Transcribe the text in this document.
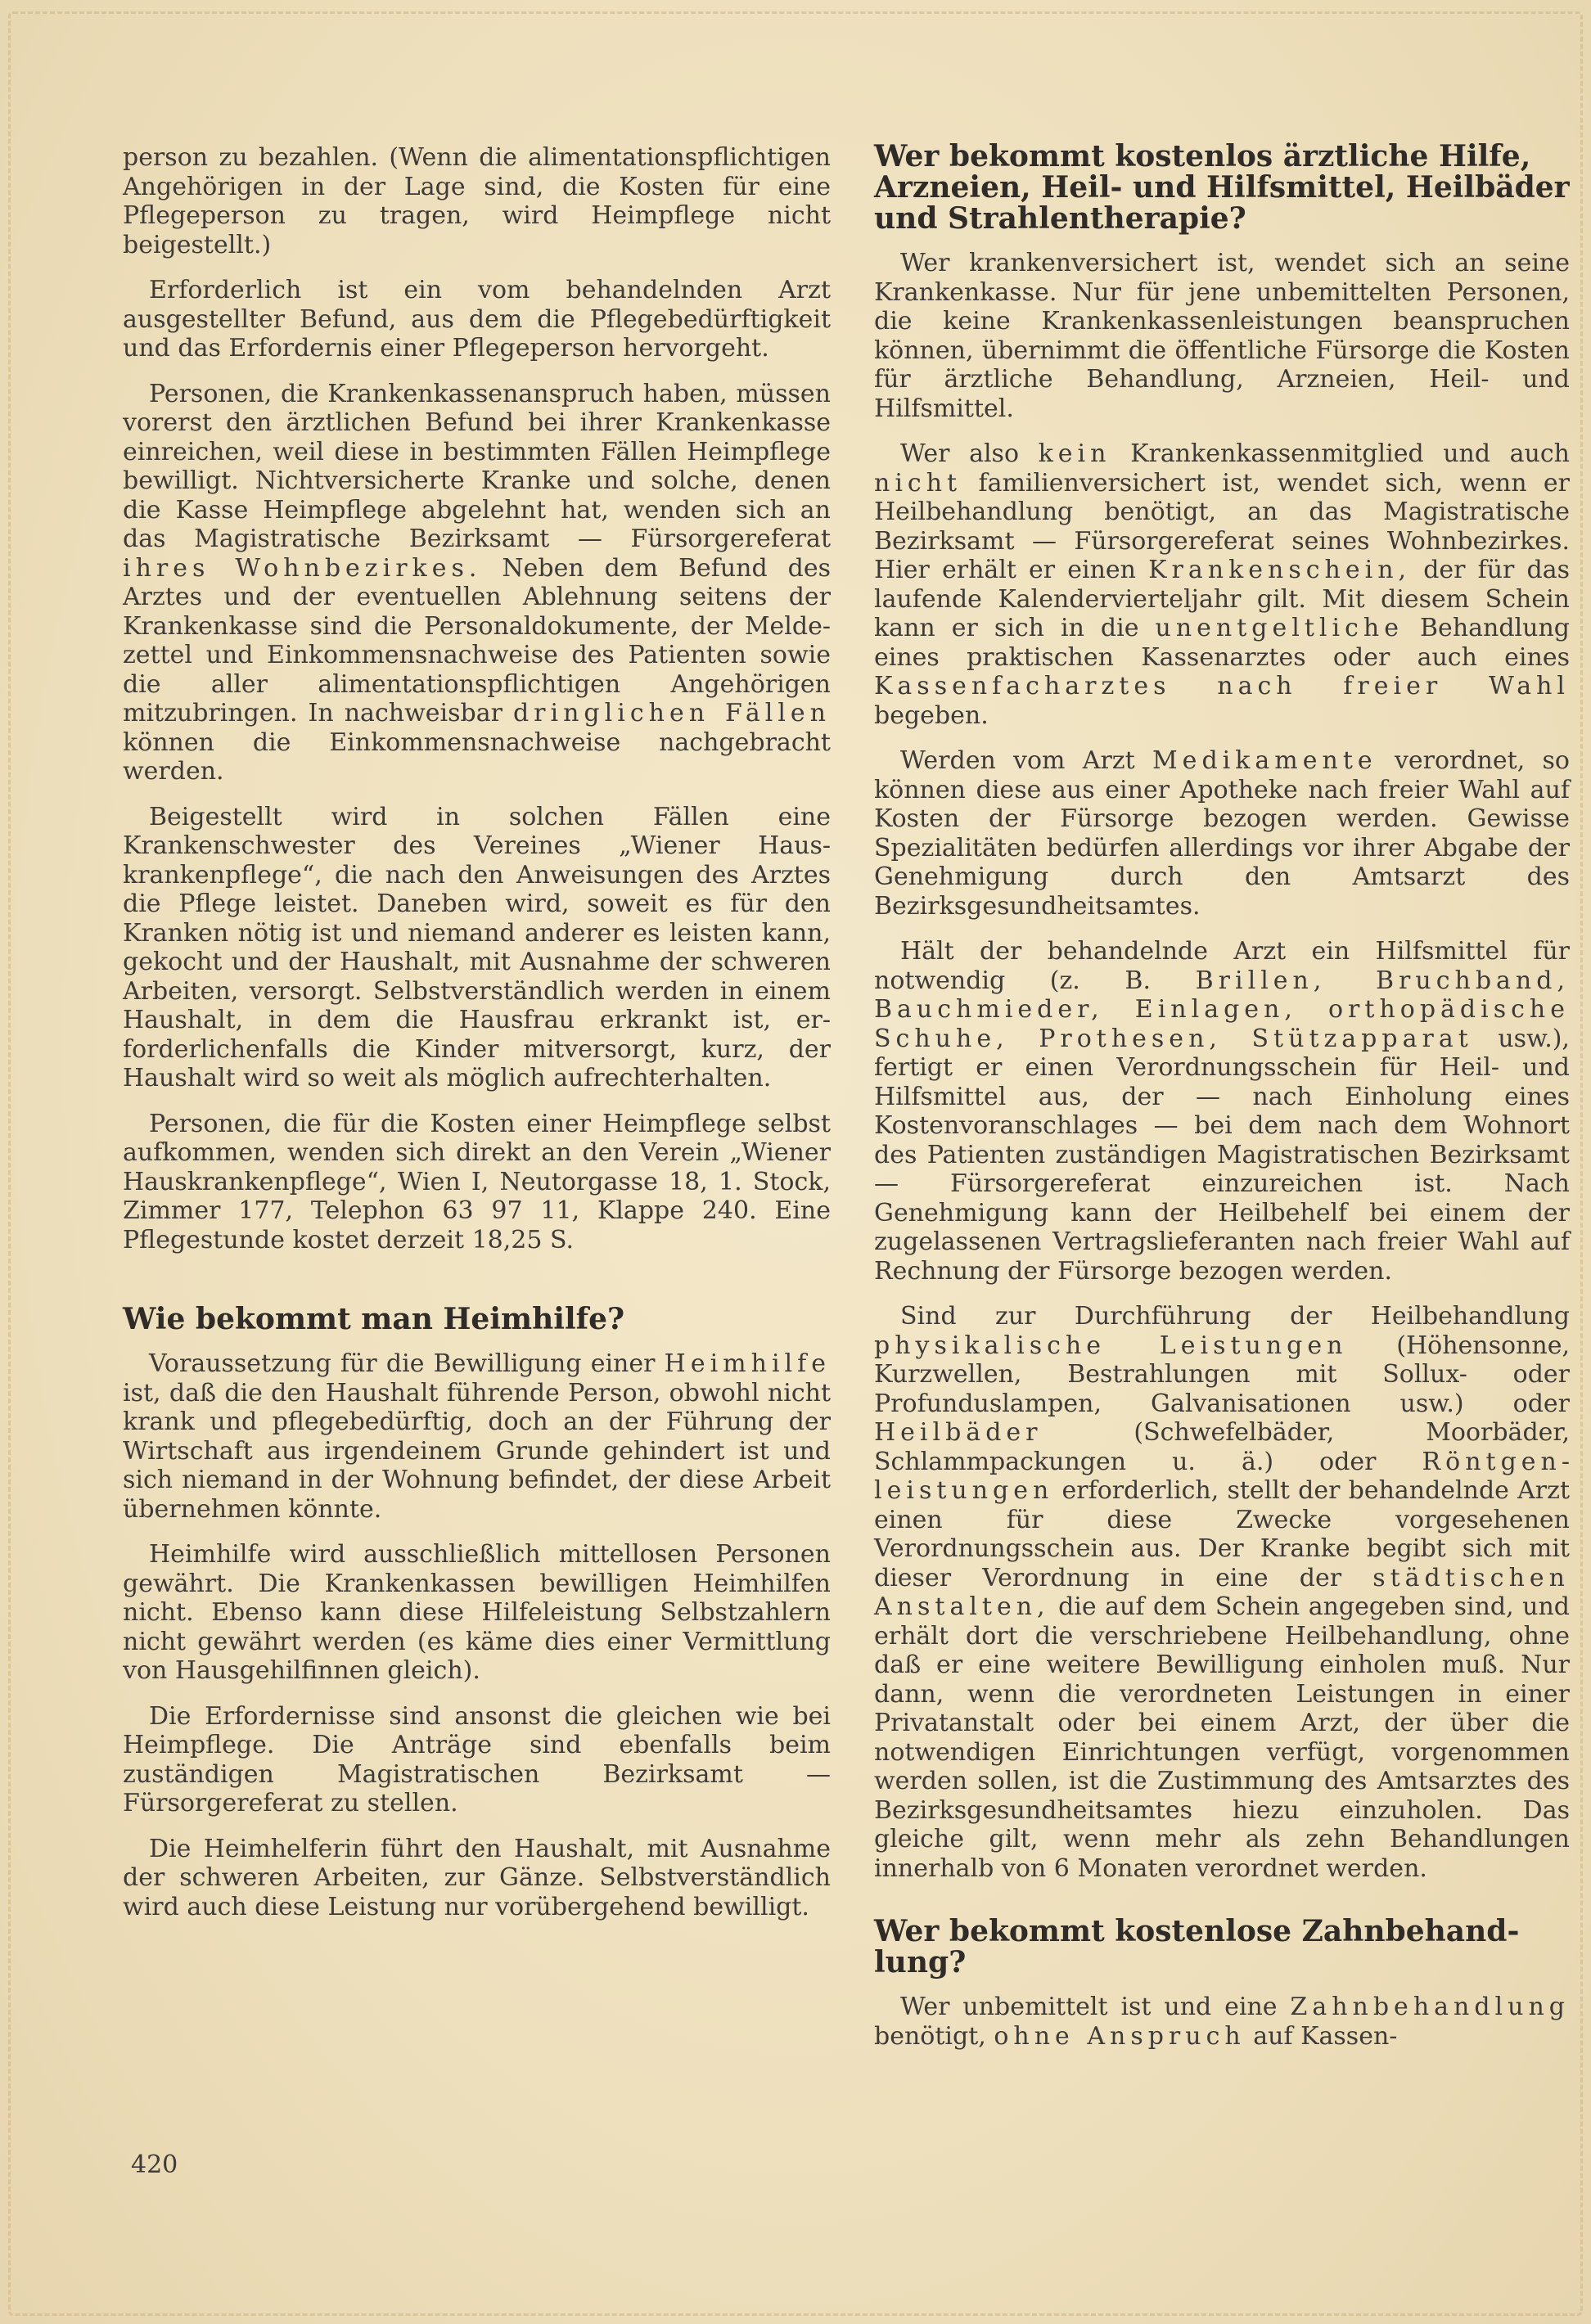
person zu bezahlen. (Wenn die alimentationspflichtigen Angehörigen in der Lage sind, die Kosten für eine Pflegeperson zu tragen, wird Heimpflege nicht beigestellt.)

Erforderlich ist ein vom behandelnden Arzt ausgestellter Befund, aus dem die Pflegebedürftigkeit und das Erfordernis einer Pflegeperson hervorgeht.

Personen, die Krankenkassenanspruch haben, müssen vorerst den ärztlichen Befund bei ihrer Krankenkasse einreichen, weil diese in bestimmten Fällen Heimpflege bewilligt. Nichtversicherte Kranke und solche, denen die Kasse Heimpflege abgelehnt hat, wenden sich an das Magistratische Bezirksamt — Fürsorgereferat ihres Wohnbezirkes. Neben dem Befund des Arztes und der eventuellen Ablehnung seitens der Krankenkasse sind die Personaldokumente, der Meldezettel und Einkommensnachweise des Patienten sowie die aller alimentationspflichtigen Angehörigen mitzubringen. In nachweisbar dringlichen Fällen können die Einkommensnachweise nachgebracht werden.

Beigestellt wird in solchen Fällen eine Krankenschwester des Vereines „Wiener Hauskrankenpflege“, die nach den Anweisungen des Arztes die Pflege leistet. Daneben wird, soweit es für den Kranken nötig ist und niemand anderer es leisten kann, gekocht und der Haushalt, mit Ausnahme der schweren Arbeiten, versorgt. Selbstverständlich werden in einem Haushalt, in dem die Hausfrau erkrankt ist, erforderlichenfalls die Kinder mitversorgt, kurz, der Haushalt wird so weit als möglich aufrechterhalten.

Personen, die für die Kosten einer Heimpflege selbst aufkommen, wenden sich direkt an den Verein „Wiener Hauskrankenpflege“, Wien I, Neutorgasse 18, 1. Stock, Zimmer 177, Telephon 63 97 11, Klappe 240. Eine Pflegestunde kostet derzeit 18,25 S.

Wie bekommt man Heimhilfe?

Voraussetzung für die Bewilligung einer Heimhilfe ist, daß die den Haushalt führende Person, obwohl nicht krank und pflegebedürftig, doch an der Führung der Wirtschaft aus irgendeinem Grunde gehindert ist und sich niemand in der Wohnung befindet, der diese Arbeit übernehmen könnte.

Heimhilfe wird ausschließlich mittellosen Personen gewährt. Die Krankenkassen bewilligen Heimhilfen nicht. Ebenso kann diese Hilfeleistung Selbstzahlern nicht gewährt werden (es käme dies einer Vermittlung von Hausgehilfinnen gleich).

Die Erfordernisse sind ansonst die gleichen wie bei Heimpflege. Die Anträge sind ebenfalls beim zuständigen Magistratischen Bezirksamt — Fürsorgereferat zu stellen.

Die Heimhelferin führt den Haushalt, mit Ausnahme der schweren Arbeiten, zur Gänze. Selbstverständlich wird auch diese Leistung nur vorübergehend bewilligt.

Wer bekommt kostenlos ärztliche Hilfe, Arzneien, Heil- und Hilfsmittel, Heilbäder und Strahlentherapie?

Wer krankenversichert ist, wendet sich an seine Krankenkasse. Nur für jene unbemittelten Personen, die keine Krankenkassenleistungen beanspruchen können, übernimmt die öffentliche Fürsorge die Kosten für ärztliche Behandlung, Arzneien, Heil- und Hilfsmittel.

Wer also kein Krankenkassenmitglied und auch nicht familienversichert ist, wendet sich, wenn er Heilbehandlung benötigt, an das Magistratische Bezirksamt — Fürsorgereferat seines Wohnbezirkes. Hier erhält er einen Krankenschein, der für das laufende Kalendervierteljahr gilt. Mit diesem Schein kann er sich in die unentgeltliche Behandlung eines praktischen Kassenarztes oder auch eines Kassenfacharztes nach freier Wahl begeben.

Werden vom Arzt Medikamente verordnet, so können diese aus einer Apotheke nach freier Wahl auf Kosten der Fürsorge bezogen werden. Gewisse Spezialitäten bedürfen allerdings vor ihrer Abgabe der Genehmigung durch den Amtsarzt des Bezirksgesundheitsamtes.

Hält der behandelnde Arzt ein Hilfsmittel für notwendig (z. B. Brillen, Bruchband, Bauchmieder, Einlagen, orthopädische Schuhe, Prothesen, Stützapparat usw.), fertigt er einen Verordnungsschein für Heil- und Hilfsmittel aus, der — nach Einholung eines Kostenvoranschlages — bei dem nach dem Wohnort des Patienten zuständigen Magistratischen Bezirksamt — Fürsorgereferat einzureichen ist. Nach Genehmigung kann der Heilbehelf bei einem der zugelassenen Vertragslieferanten nach freier Wahl auf Rechnung der Fürsorge bezogen werden.

Sind zur Durchführung der Heilbehandlung physikalische Leistungen (Höhensonne, Kurzwellen, Bestrahlungen mit Sollux- oder Profunduslampen, Galvanisationen usw.) oder Heilbäder	(Schwefelbäder, Moorbäder, Schlammpackungen u. ä.) oder Röntgenleistungen erforderlich, stellt der behandelnde Arzt einen für diese Zwecke vorgesehenen Verordnungsschein aus. Der Kranke begibt sich mit dieser Verordnung in eine der städtischen Anstalten, die auf dem Schein angegeben sind, und erhält dort die verschriebene Heilbehandlung, ohne daß er eine weitere Bewilligung einholen muß. Nur dann, wenn die verordneten Leistungen in einer Privatanstalt oder bei einem Arzt, der über die notwendigen Einrichtungen verfügt, vorgenommen werden sollen, ist die Zustimmung des Amtsarztes des Bezirksgesundheitsamtes hiezu einzuholen. Das gleiche gilt, wenn mehr als zehn Behandlungen innerhalb von 6 Monaten verordnet werden.

Wer bekommt kostenlose Zahnbehandlung?

Wer unbemittelt ist und eine Zahnbehandlung benötigt, ohne Anspruch auf Kassen-

420
